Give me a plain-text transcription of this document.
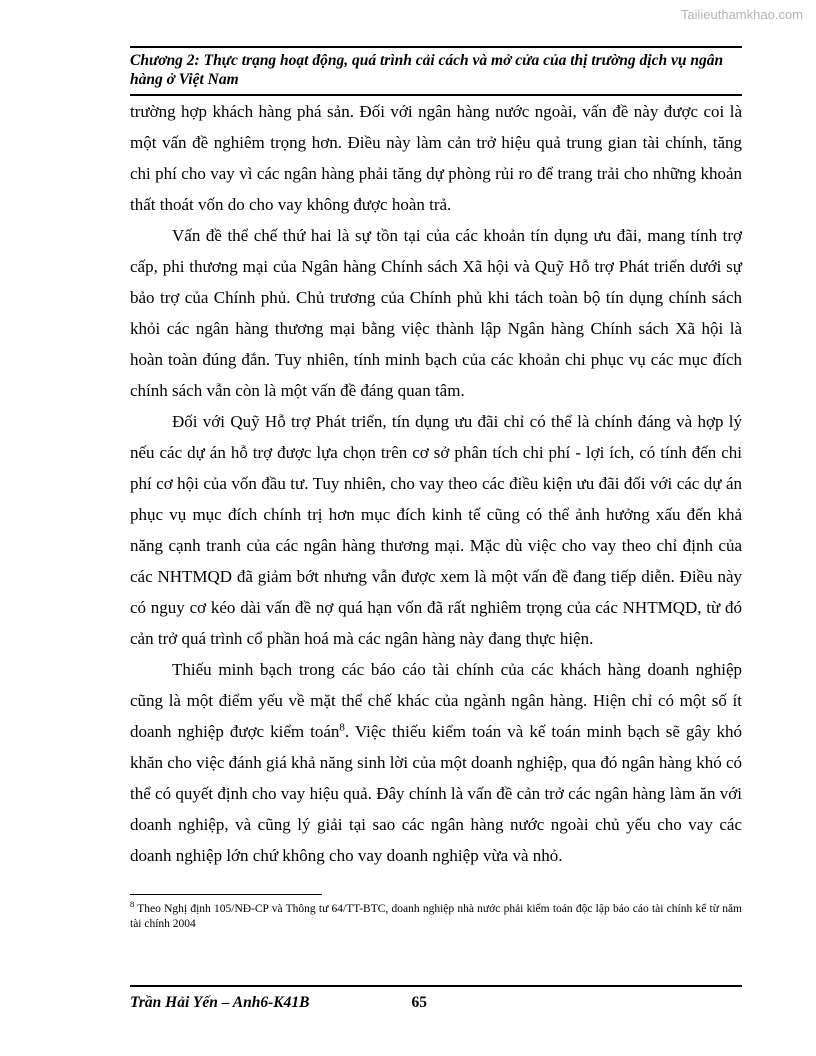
Tailieuthamkhao.com
Chương 2: Thực trạng hoạt động, quá trình cải cách và mở cửa của thị trường dịch vụ ngân hàng ở Việt Nam

trường hợp khách hàng phá sản. Đối với ngân hàng nước ngoài, vấn đề này được coi là một vấn đề nghiêm trọng hơn. Điều này làm cản trở hiệu quả trung gian tài chính, tăng chi phí cho vay vì các ngân hàng phải tăng dự phòng rủi ro để trang trải cho những khoản thất thoát vốn do cho vay không được hoàn trả.

Vấn đề thể chế thứ hai là sự tồn tại của các khoản tín dụng ưu đãi, mang tính trợ cấp, phi thương mại của Ngân hàng Chính sách Xã hội và Quỹ Hỗ trợ Phát triển dưới sự bảo trợ của Chính phủ. Chủ trương của Chính phủ khi tách toàn bộ tín dụng chính sách khỏi các ngân hàng thương mại bằng việc thành lập Ngân hàng Chính sách Xã hội là hoàn toàn đúng đắn. Tuy nhiên, tính minh bạch của các khoản chi phục vụ các mục đích chính sách vẫn còn là một vấn đề đáng quan tâm.

Đối với Quỹ Hỗ trợ Phát triển, tín dụng ưu đãi chỉ có thể là chính đáng và hợp lý nếu các dự án hỗ trợ được lựa chọn trên cơ sở phân tích chi phí - lợi ích, có tính đến chi phí cơ hội của vốn đầu tư. Tuy nhiên, cho vay theo các điều kiện ưu đãi đối với các dự án phục vụ mục đích chính trị hơn mục đích kinh tế cũng có thể ảnh hưởng xấu đến khả năng cạnh tranh của các ngân hàng thương mại. Mặc dù việc cho vay theo chỉ định của các NHTMQD đã giảm bớt nhưng vẫn được xem là một vấn đề đang tiếp diễn. Điều này có nguy cơ kéo dài vấn đề nợ quá hạn vốn đã rất nghiêm trọng của các NHTMQD, từ đó cản trở quá trình cổ phần hoá mà các ngân hàng này đang thực hiện.

Thiếu minh bạch trong các báo cáo tài chính của các khách hàng doanh nghiệp cũng là một điểm yếu về mặt thể chế khác của ngành ngân hàng. Hiện chỉ có một số ít doanh nghiệp được kiểm toán$^8$. Việc thiếu kiểm toán và kế toán minh bạch sẽ gây khó khăn cho việc đánh giá khả năng sinh lời của một doanh nghiệp, qua đó ngân hàng khó có thể có quyết định cho vay hiệu quả. Đây chính là vấn đề cản trở các ngân hàng làm ăn với doanh nghiệp, và cũng lý giải tại sao các ngân hàng nước ngoài chủ yếu cho vay các doanh nghiệp lớn chứ không cho vay doanh nghiệp vừa và nhỏ.

$^8$ Theo Nghị định 105/NĐ-CP và Thông tư 64/TT-BTC, doanh nghiệp nhà nước phải kiểm toán độc lập báo cáo tài chính kể từ năm tài chính 2004
Trần Hải Yến – Anh6-K41B	65
